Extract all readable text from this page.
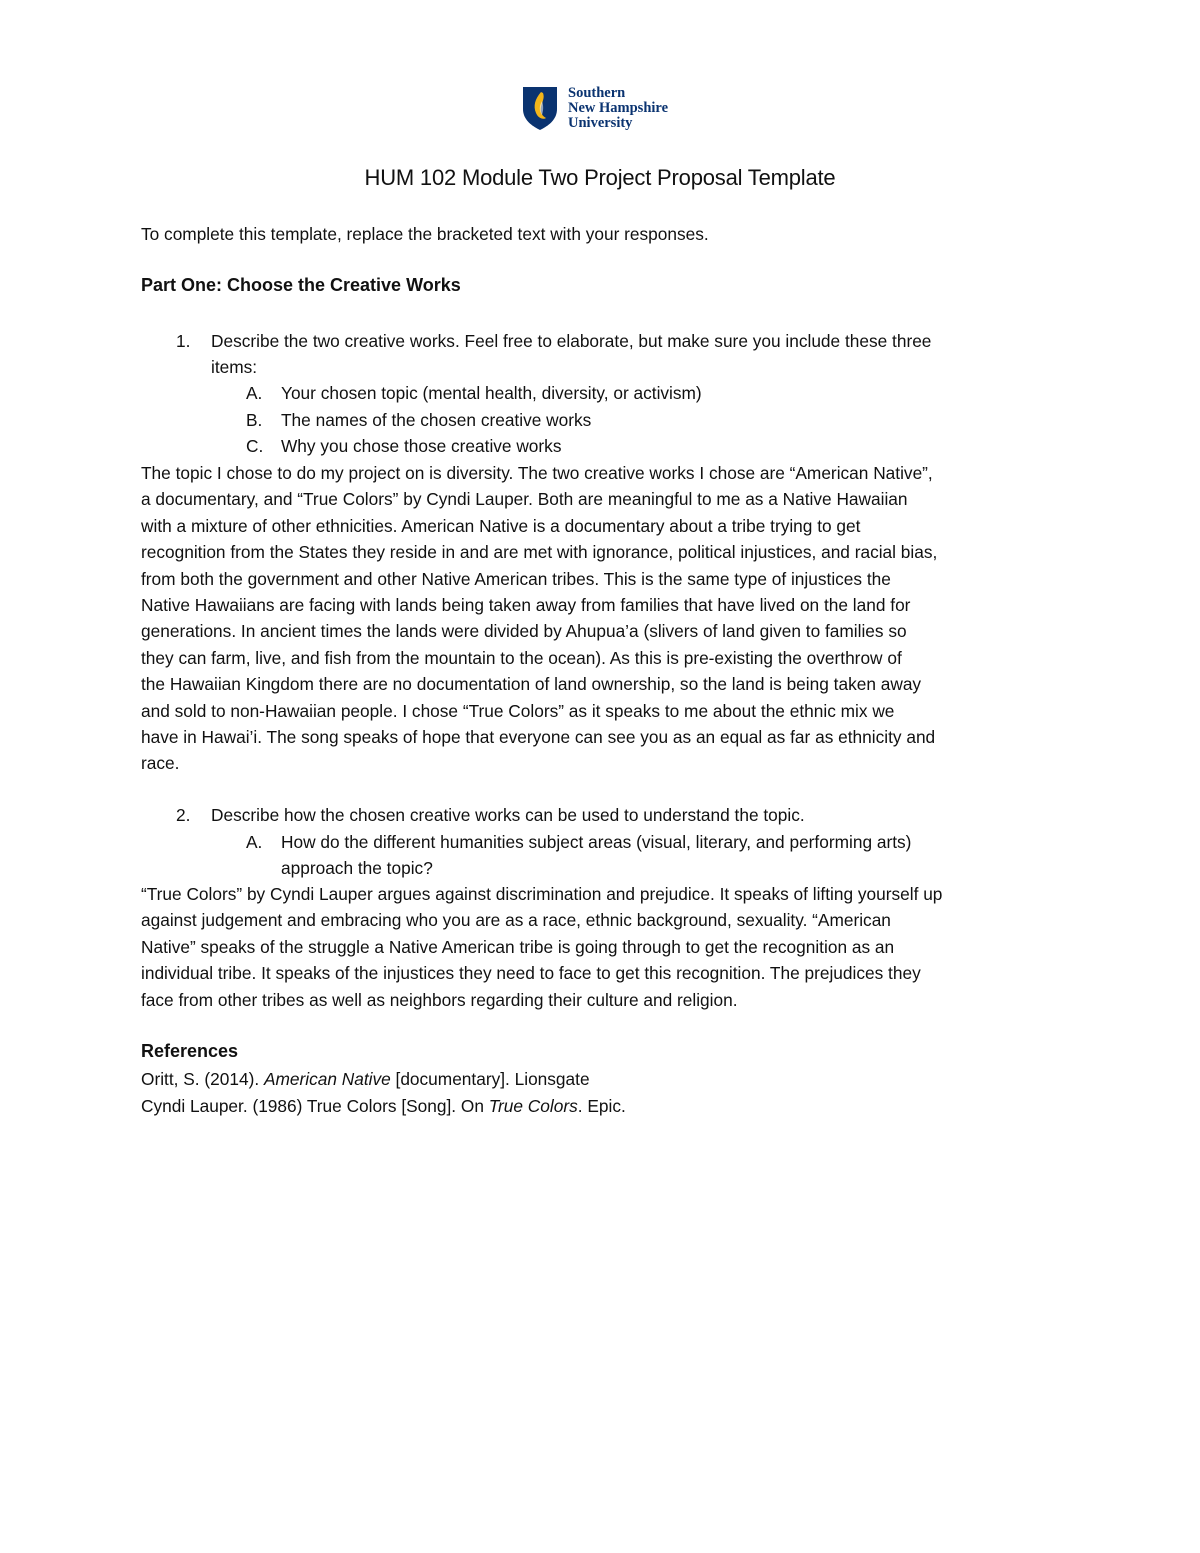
Southern
New Hampshire
University
HUM 102 Module Two Project Proposal Template
To complete this template, replace the bracketed text with your responses.
Part One: Choose the Creative Works
1. Describe the two creative works. Feel free to elaborate, but make sure you include these three
items:
A. Your chosen topic (mental health, diversity, or activism)
B. The names of the chosen creative works
C. Why you chose those creative works
The topic I chose to do my project on is diversity. The two creative works I chose are “American Native”,
a documentary, and “True Colors” by Cyndi Lauper. Both are meaningful to me as a Native Hawaiian
with a mixture of other ethnicities. American Native is a documentary about a tribe trying to get
recognition from the States they reside in and are met with ignorance, political injustices, and racial bias,
from both the government and other Native American tribes. This is the same type of injustices the
Native Hawaiians are facing with lands being taken away from families that have lived on the land for
generations. In ancient times the lands were divided by Ahupua’a (slivers of land given to families so
they can farm, live, and fish from the mountain to the ocean). As this is pre-existing the overthrow of
the Hawaiian Kingdom there are no documentation of land ownership, so the land is being taken away
and sold to non-Hawaiian people. I chose “True Colors” as it speaks to me about the ethnic mix we
have in Hawai’i. The song speaks of hope that everyone can see you as an equal as far as ethnicity and
race.
2. Describe how the chosen creative works can be used to understand the topic.
A. How do the different humanities subject areas (visual, literary, and performing arts)
approach the topic?
“True Colors” by Cyndi Lauper argues against discrimination and prejudice. It speaks of lifting yourself up
against judgement and embracing who you are as a race, ethnic background, sexuality. “American
Native” speaks of the struggle a Native American tribe is going through to get the recognition as an
individual tribe. It speaks of the injustices they need to face to get this recognition. The prejudices they
face from other tribes as well as neighbors regarding their culture and religion.
References
Oritt, S. (2014). American Native [documentary]. Lionsgate
Cyndi Lauper. (1986) True Colors [Song]. On True Colors. Epic.
